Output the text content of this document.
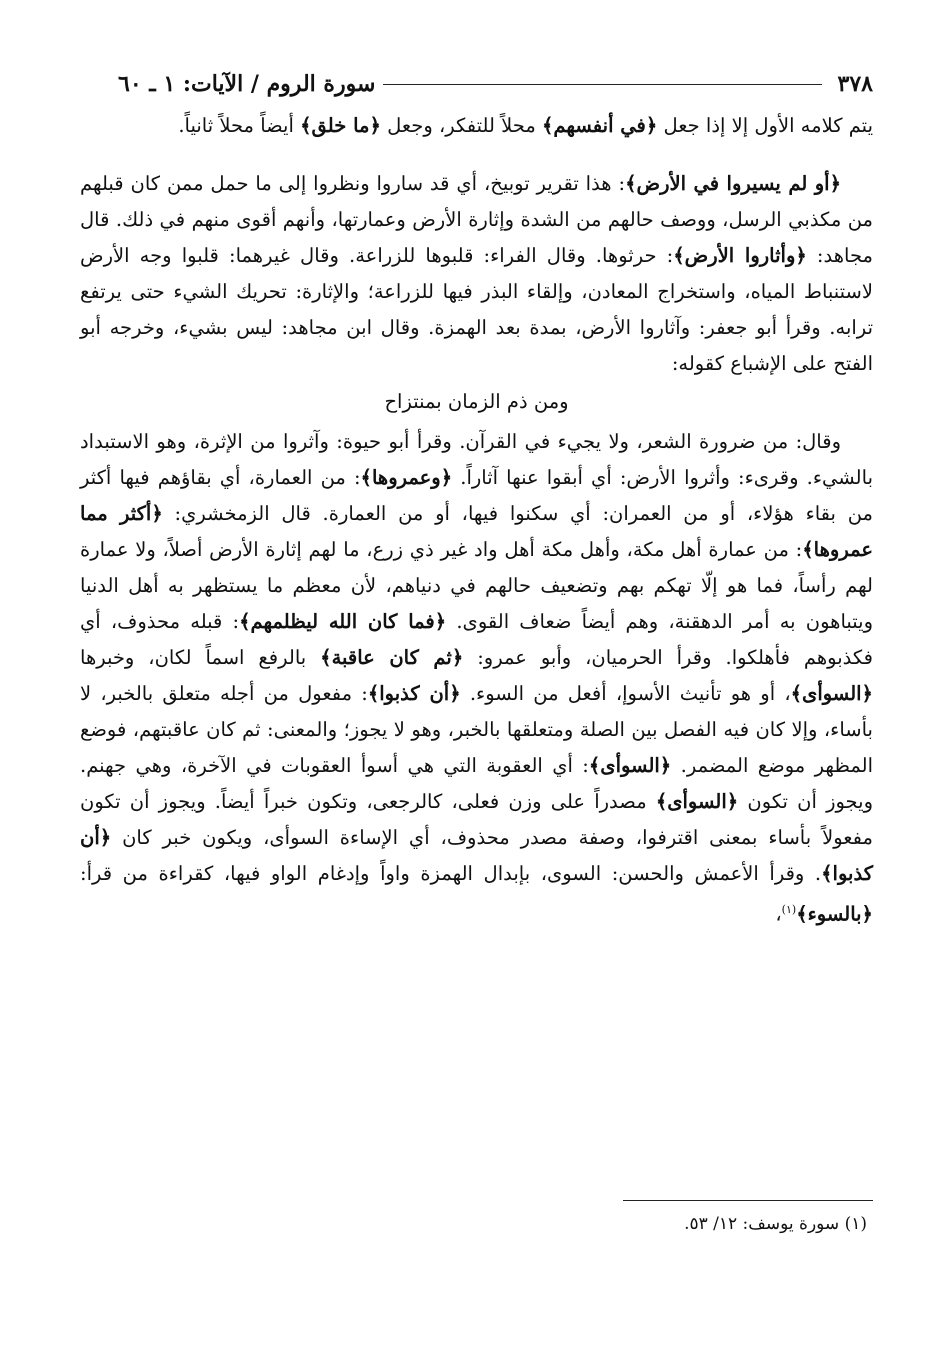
٣٧٨
سورة الروم / الآيات: ١ ـ ٦٠

يتم كلامه الأول إلا إذا جعل ﴿في أنفسهم﴾ محلاً للتفكر، وجعل ﴿ما خلق﴾ أيضاً محلاً ثانياً.

﴿أو لم يسيروا في الأرض﴾: هذا تقرير توبيخ، أي قد ساروا ونظروا إلى ما حمل ممن كان قبلهم من مكذبي الرسل، ووصف حالهم من الشدة وإثارة الأرض وعمارتها، وأنهم أقوى منهم في ذلك. قال مجاهد: ﴿وأثاروا الأرض﴾: حرثوها. وقال الفراء: قلبوها للزراعة. وقال غيرهما: قلبوا وجه الأرض لاستنباط المياه، واستخراج المعادن، وإلقاء البذر فيها للزراعة؛ والإثارة: تحريك الشيء حتى يرتفع ترابه. وقرأ أبو جعفر: وآثاروا الأرض، بمدة بعد الهمزة. وقال ابن مجاهد: ليس بشيء، وخرجه أبو الفتح على الإشباع كقوله:

ومن ذم الزمان بمنتزاح

وقال: من ضرورة الشعر، ولا يجيء في القرآن. وقرأ أبو حيوة: وآثروا من الإثرة، وهو الاستبداد بالشيء. وقرىء: وأثروا الأرض: أي أبقوا عنها آثاراً. ﴿وعمروها﴾: من العمارة، أي بقاؤهم فيها أكثر من بقاء هؤلاء، أو من العمران: أي سكنوا فيها، أو من العمارة. قال الزمخشري: ﴿أكثر مما عمروها﴾: من عمارة أهل مكة، وأهل مكة أهل واد غير ذي زرع، ما لهم إثارة الأرض أصلاً، ولا عمارة لهم رأساً، فما هو إلّا تهكم بهم وتضعيف حالهم في دنياهم، لأن معظم ما يستظهر به أهل الدنيا ويتباهون به أمر الدهقنة، وهم أيضاً ضعاف القوى. ﴿فما كان الله ليظلمهم﴾: قبله محذوف، أي فكذبوهم فأهلكوا. وقرأ الحرميان، وأبو عمرو: ﴿ثم كان عاقبة﴾ بالرفع اسماً لكان، وخبرها ﴿السوأى﴾، أو هو تأنيث الأسوإ، أفعل من السوء. ﴿أن كذبوا﴾: مفعول من أجله متعلق بالخبر، لا بأساء، وإلا كان فيه الفصل بين الصلة ومتعلقها بالخبر، وهو لا يجوز؛ والمعنى: ثم كان عاقبتهم، فوضع المظهر موضع المضمر. ﴿السوأى﴾: أي العقوبة التي هي أسوأ العقوبات في الآخرة، وهي جهنم. ويجوز أن تكون ﴿السوأى﴾ مصدراً على وزن فعلى، كالرجعى، وتكون خبراً أيضاً. ويجوز أن تكون مفعولاً بأساء بمعنى اقترفوا، وصفة مصدر محذوف، أي الإساءة السوأى، ويكون خبر كان ﴿أن كذبوا﴾. وقرأ الأعمش والحسن: السوى، بإبدال الهمزة واواً وإدغام الواو فيها، كقراءة من قرأ: ﴿بالسوء﴾$^{(١)}$،

(١) سورة يوسف: ١٢/ ٥٣.
